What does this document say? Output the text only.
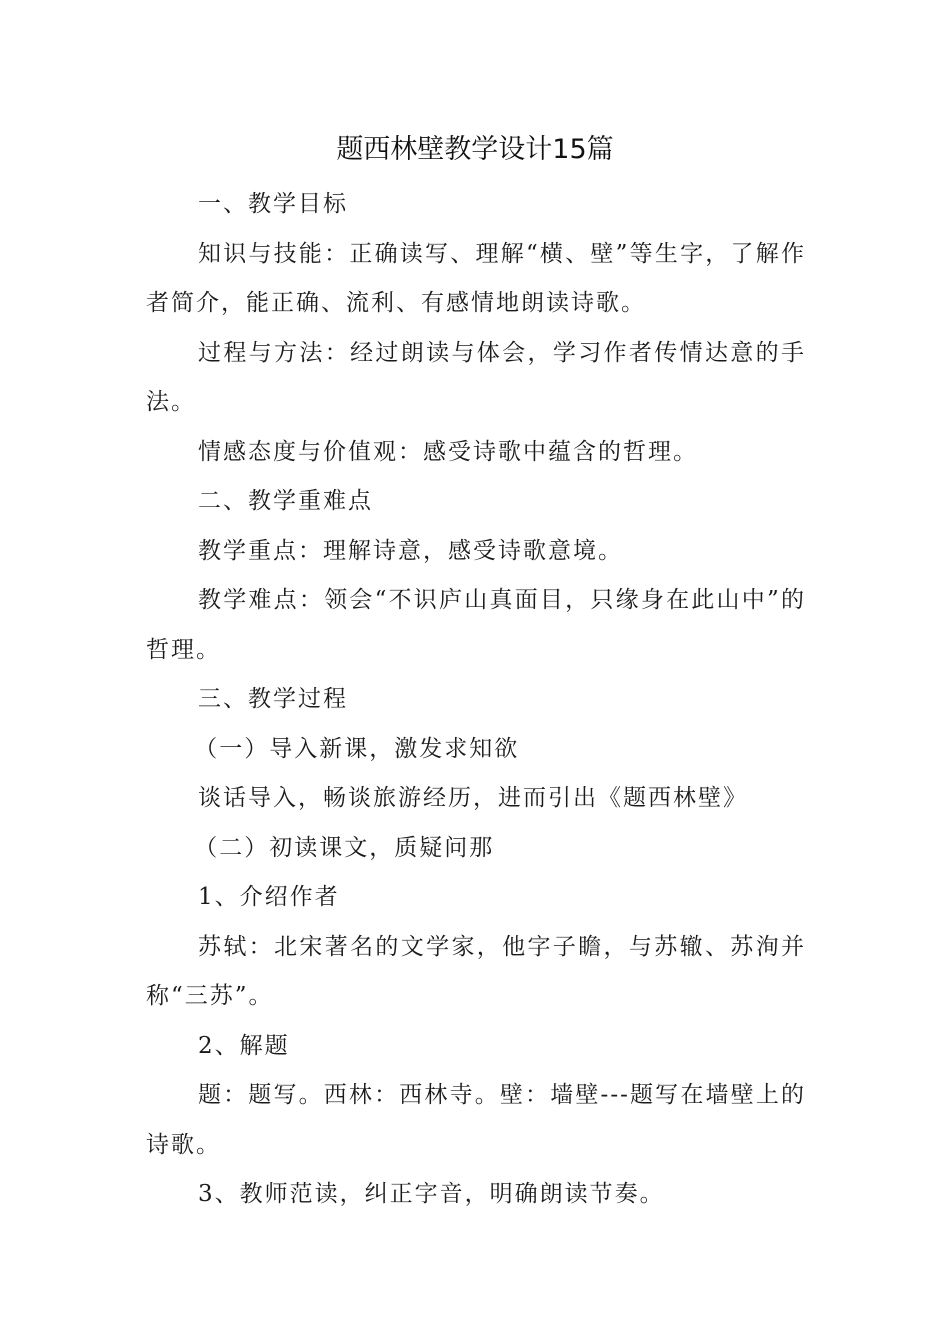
题西林壁教学设计15篇

一、教学目标

知识与技能：正确读写、理解“横、壁”等生字，了解作者简介，能正确、流利、有感情地朗读诗歌。

过程与方法：经过朗读与体会，学习作者传情达意的手法。

情感态度与价值观：感受诗歌中蕴含的哲理。

二、教学重难点

教学重点：理解诗意，感受诗歌意境。

教学难点：领会“不识庐山真面目，只缘身在此山中”的哲理。

三、教学过程

（一）导入新课，激发求知欲

谈话导入，畅谈旅游经历，进而引出《题西林壁》

（二）初读课文，质疑问那

1、介绍作者

苏轼：北宋著名的文学家，他字子瞻，与苏辙、苏洵并称“三苏”。

2、解题

题：题写。西林：西林寺。壁：墙壁---题写在墙壁上的诗歌。

3、教师范读，纠正字音，明确朗读节奏。
